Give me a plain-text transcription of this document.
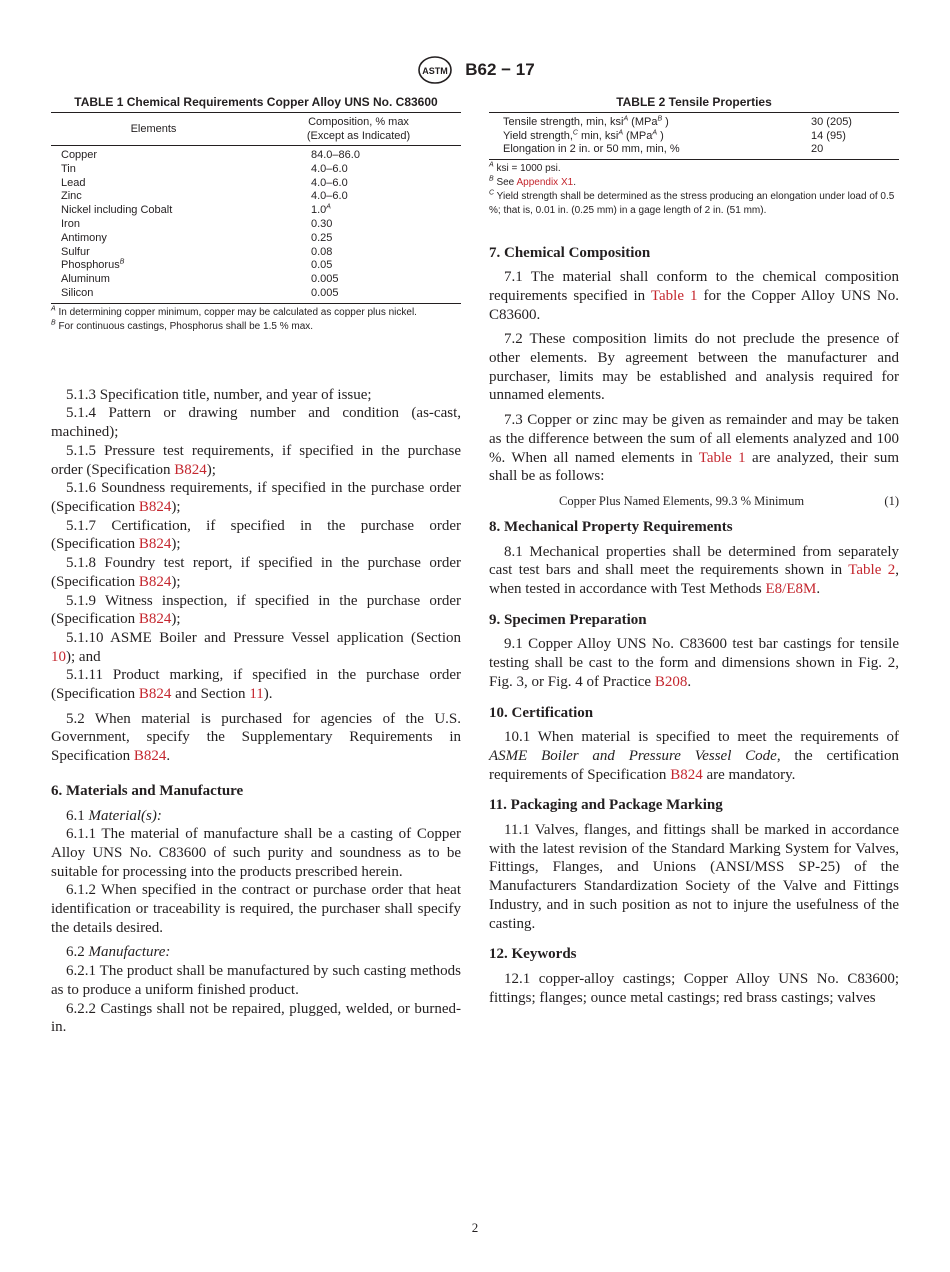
ASTM B62 − 17
TABLE 1 Chemical Requirements Copper Alloy UNS No. C83600
Elements	Composition, % max
(Except as Indicated)

Copper	84.0–86.0
Tin	4.0–6.0
Lead	4.0–6.0
Zinc	4.0–6.0
Nickel including Cobalt	$1.0^A$
Iron	0.30
Antimony	0.25
Sulfur	0.08
Phosphorus$^B$	0.05
Aluminum	0.005
Silicon	0.005
$^A$ In determining copper minimum, copper may be calculated as copper plus nickel.
$^B$ For continuous castings, Phosphorus shall be 1.5 % max.

5.1.3 Specification title, number, and year of issue;

5.1.4 Pattern or drawing number and condition (as-cast, machined);

5.1.5 Pressure test requirements, if specified in the purchase order (Specification B824);

5.1.6 Soundness requirements, if specified in the purchase order (Specification B824);

5.1.7 Certification, if specified in the purchase order (Specification B824);

5.1.8 Foundry test report, if specified in the purchase order (Specification B824);

5.1.9 Witness inspection, if specified in the purchase order (Specification B824);

5.1.10 ASME Boiler and Pressure Vessel application (Section 10); and

5.1.11 Product marking, if specified in the purchase order (Specification B824 and Section 11).

5.2 When material is purchased for agencies of the U.S. Government, specify the Supplementary Requirements in Specification B824.

6. Materials and Manufacture

6.1 Material(s):

6.1.1 The material of manufacture shall be a casting of Copper Alloy UNS No. C83600 of such purity and soundness as to be suitable for processing into the products prescribed herein.

6.1.2 When specified in the contract or purchase order that heat identification or traceability is required, the purchaser shall specify the details desired.

6.2 Manufacture:

6.2.1 The product shall be manufactured by such casting methods as to produce a uniform finished product.

6.2.2 Castings shall not be repaired, plugged, welded, or burned-in.

TABLE 2 Tensile Properties
Tensile strength, min, ksi$^A$ (MPa$^B$ )	30 (205)
Yield strength,$^C$ min, ksi$^A$ (MPa$^A$ )	14 (95)
Elongation in 2 in. or 50 mm, min, %	20
$^A$ ksi = 1000 psi.
$^B$ See Appendix X1.
$^C$ Yield strength shall be determined as the stress producing an elongation under load of 0.5 %; that is, 0.01 in. (0.25 mm) in a gage length of 2 in. (51 mm).
7. Chemical Composition

7.1 The material shall conform to the chemical composition requirements specified in Table 1 for the Copper Alloy UNS No. C83600.

7.2 These composition limits do not preclude the presence of other elements. By agreement between the manufacturer and purchaser, limits may be established and analysis required for unnamed elements.

7.3 Copper or zinc may be given as remainder and may be taken as the difference between the sum of all elements analyzed and 100 %. When all named elements in Table 1 are analyzed, their sum shall be as follows:

Copper Plus Named Elements, 99.3 % Minimum	(1)
8. Mechanical Property Requirements

8.1 Mechanical properties shall be determined from separately cast test bars and shall meet the requirements shown in Table 2, when tested in accordance with Test Methods E8/E8M.

9. Specimen Preparation

9.1 Copper Alloy UNS No. C83600 test bar castings for tensile testing shall be cast to the form and dimensions shown in Fig. 2, Fig. 3, or Fig. 4 of Practice B208.

10. Certification

10.1 When material is specified to meet the requirements of ASME Boiler and Pressure Vessel Code, the certification requirements of Specification B824 are mandatory.

11. Packaging and Package Marking

11.1 Valves, flanges, and fittings shall be marked in accordance with the latest revision of the Standard Marking System for Valves, Fittings, Flanges, and Unions (ANSI/MSS SP-25) of the Manufacturers Standardization Society of the Valve and Fittings Industry, and in such position as not to injure the usefulness of the casting.

12. Keywords

12.1 copper-alloy castings; Copper Alloy UNS No. C83600; fittings; flanges; ounce metal castings; red brass castings; valves

2
